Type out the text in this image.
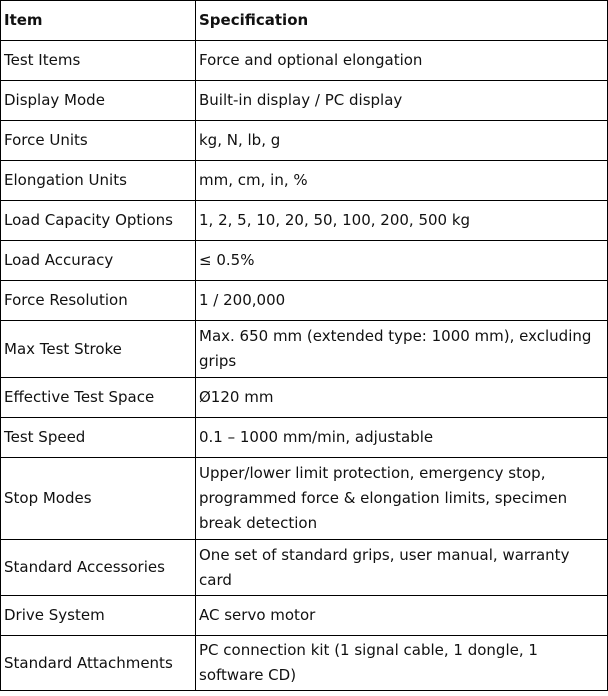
Item	Specification
Test Items	Force and optional elongation
Display Mode	Built-in display / PC display
Force Units	kg, N, lb, g
Elongation Units	mm, cm, in, %
Load Capacity Options	1, 2, 5, 10, 20, 50, 100, 200, 500 kg
Load Accuracy	≤ 0.5%
Force Resolution	1 / 200,000
Max Test Stroke	Max. 650 mm (extended type: 1000 mm), excluding grips
Effective Test Space	Ø120 mm
Test Speed	0.1 – 1000 mm/min, adjustable
Stop Modes	Upper/lower limit protection, emergency stop, programmed force & elongation limits, specimen break detection
Standard Accessories	One set of standard grips, user manual, warranty card
Drive System	AC servo motor
Standard Attachments	PC connection kit (1 signal cable, 1 dongle, 1 software CD)
